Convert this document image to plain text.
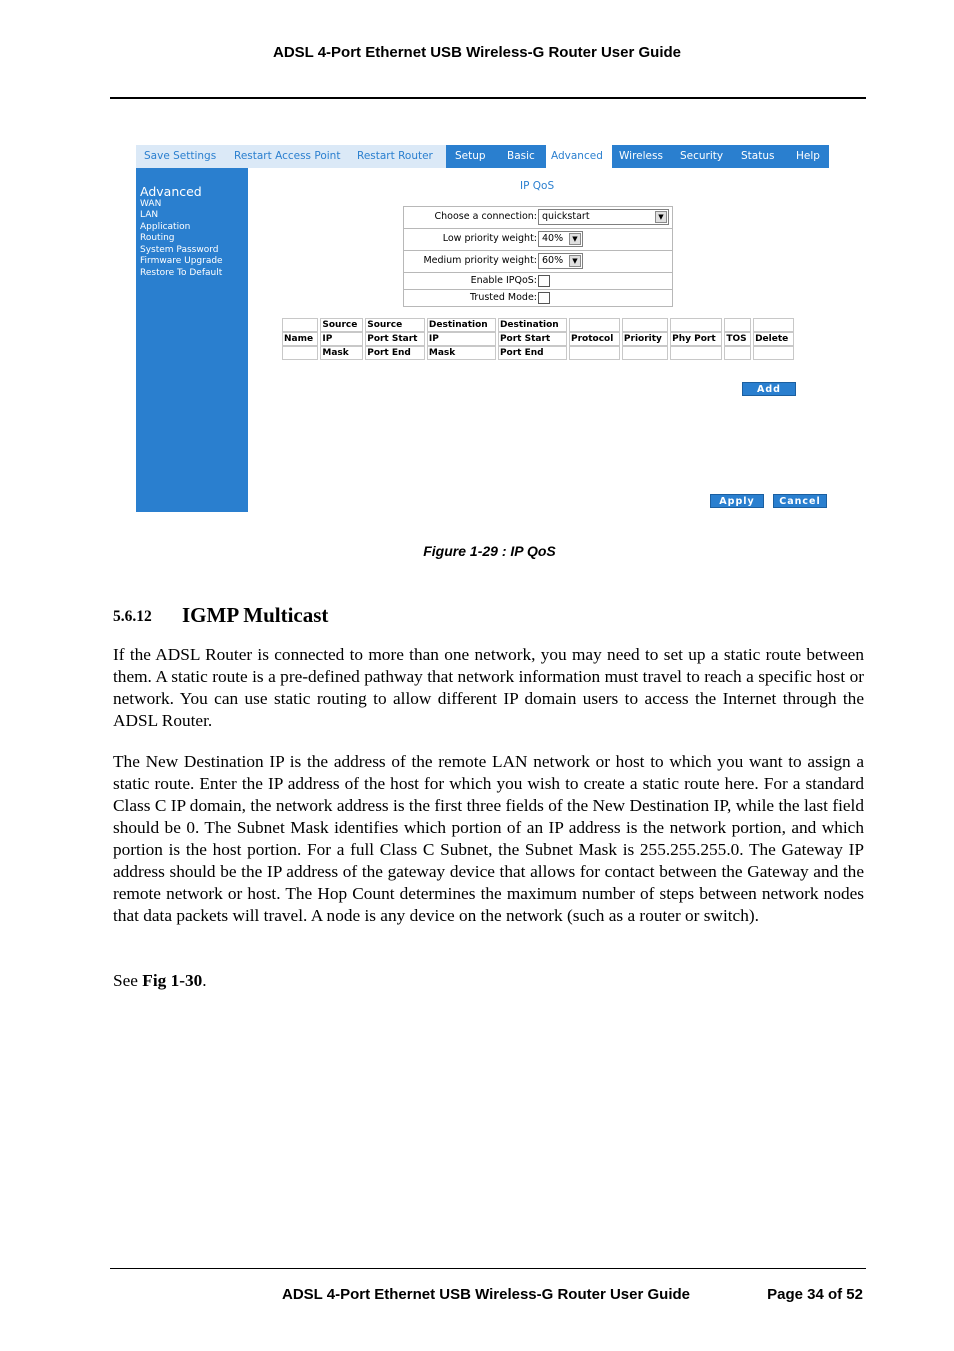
ADSL 4-Port Ethernet USB Wireless-G Router User Guide
Save Settings Restart Access Point Restart Router Setup Basic Advanced Wireless Security Status Help
Advanced
WAN
LAN
Application
Routing
System Password
Firmware Upgrade
Restore To Default
IP QoS
Choose a connection: quickstart	▼
Low priority weight: 40%	▼
Medium priority weight: 60%	▼
Enable IPQoS:
Trusted Mode:
	Source	Source	Destination	Destination					
Name	IP	Port Start	IP	Port Start	Protocol	Priority	Phy Port	TOS	Delete
	Mask	Port End	Mask	Port End					
Add
Apply	Cancel
Figure 1-29 : IP QoS
5.6.12 IGMP Multicast
If the ADSL Router is connected to more than one network, you may need to set up a static route between them. A static route is a pre-defined pathway that network information must travel to reach a specific host or network. You can use static routing to allow different IP domain users to access the Internet through the ADSL Router.
The New Destination IP is the address of the remote LAN network or host to which you want to assign a static route. Enter the IP address of the host for which you wish to create a static route here. For a standard Class C IP domain, the network address is the first three fields of the New Destination IP, while the last field should be 0. The Subnet Mask identifies which portion of an IP address is the network portion, and which portion is the host portion. For a full Class C Subnet, the Subnet Mask is 255.255.255.0. The Gateway IP address should be the IP address of the gateway device that allows for contact between the Gateway and the remote network or host. The Hop Count determines the maximum number of steps between network nodes that data packets will travel. A node is any device on the network (such as a router or switch).
See Fig 1-30.
ADSL 4-Port Ethernet USB Wireless-G Router User Guide	Page 34 of 52
